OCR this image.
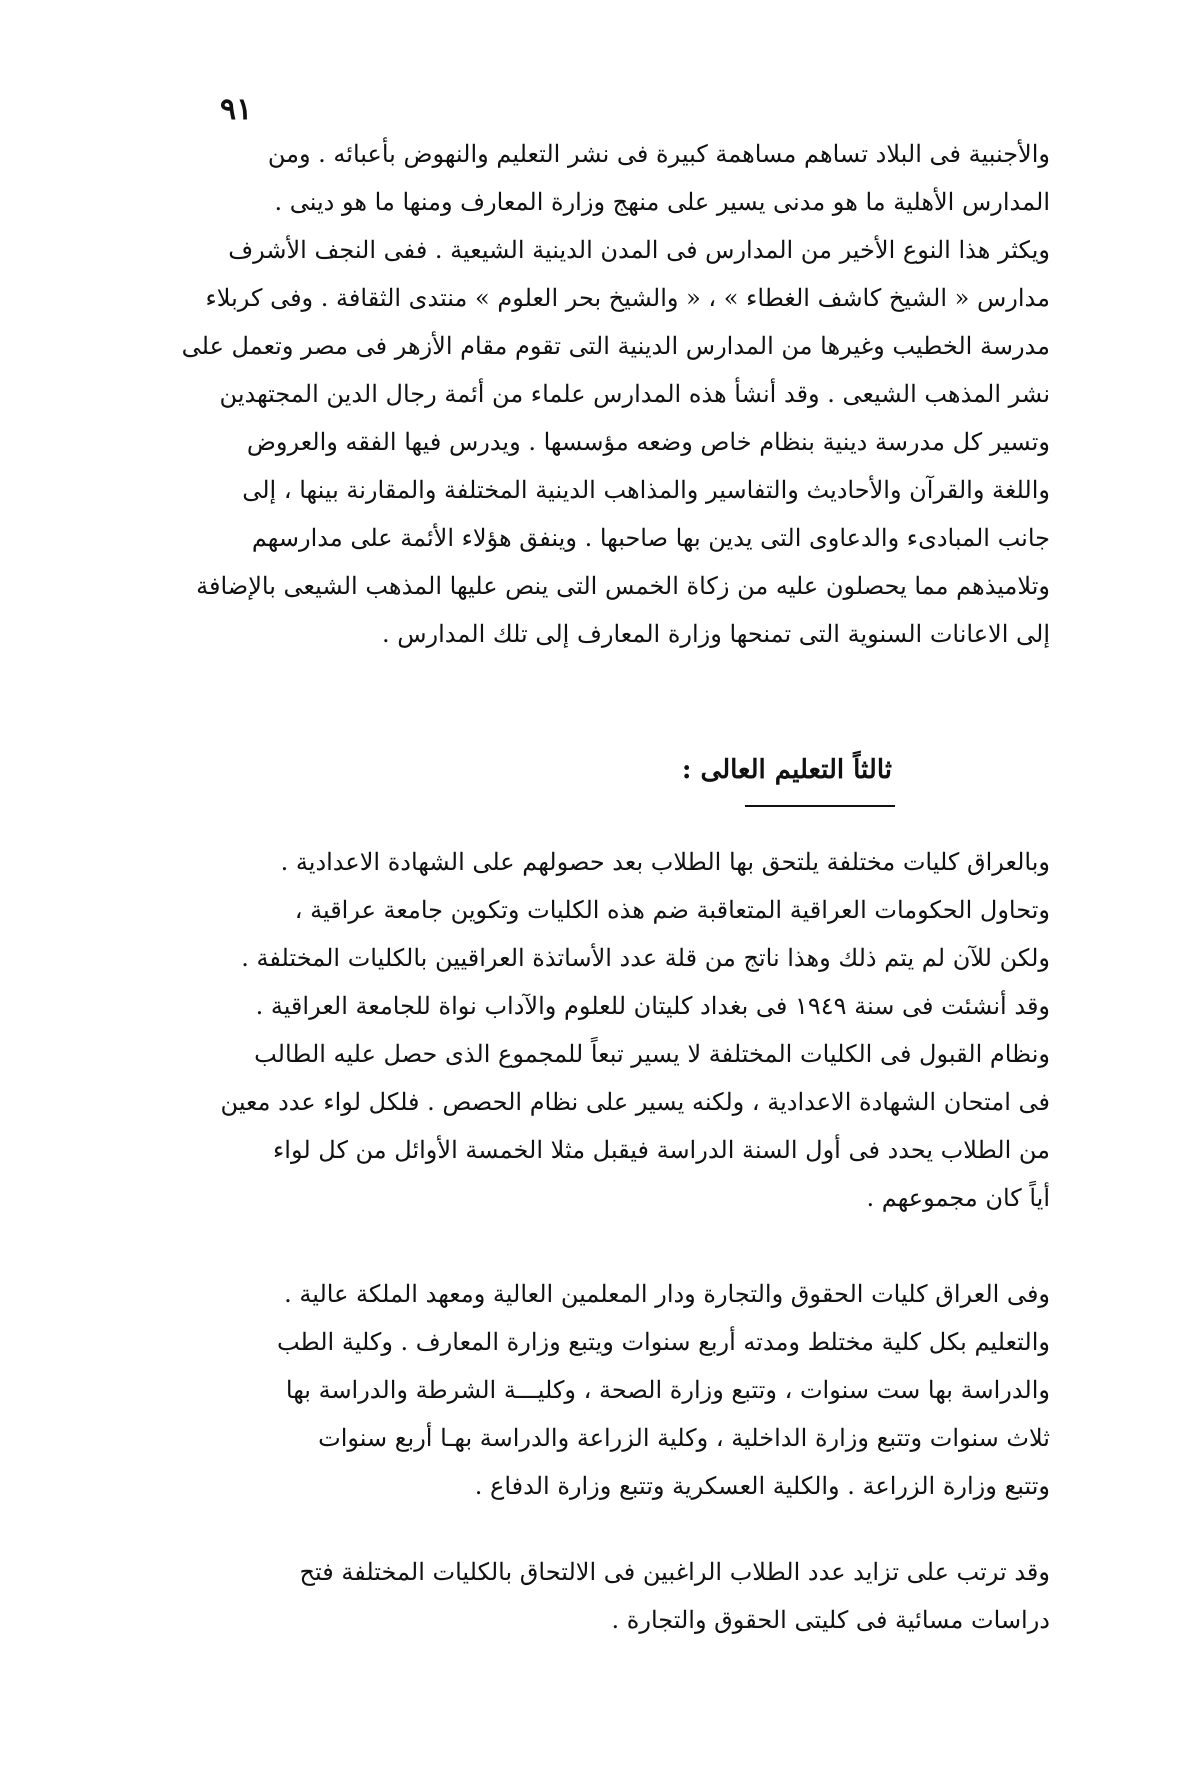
٩١
والأجنبية فى البلاد تساهم مساهمة كبيرة فى نشر التعليم والنهوض بأعبائه . ومن
المدارس الأهلية ما هو مدنى يسير على منهج وزارة المعارف ومنها ما هو دينى .
ويكثر هذا النوع الأخير من المدارس فى المدن الدينية الشيعية . ففى النجف الأشرف
مدارس « الشيخ كاشف الغطاء » ، « والشيخ بحر العلوم » منتدى الثقافة . وفى كربلاء
مدرسة الخطيب وغيرها من المدارس الدينية التى تقوم مقام الأزهر فى مصر وتعمل على
نشر المذهب الشيعى . وقد أنشأ هذه المدارس علماء من أئمة رجال الدين المجتهدين
وتسير كل مدرسة دينية بنظام خاص وضعه مؤسسها . ويدرس فيها الفقه والعروض
واللغة والقرآن والأحاديث والتفاسير والمذاهب الدينية المختلفة والمقارنة بينها ، إلى
جانب المبادىء والدعاوى التى يدين بها صاحبها . وينفق هؤلاء الأئمة على مدارسهم
وتلاميذهم مما يحصلون عليه من زكاة الخمس التى ينص عليها المذهب الشيعى بالإضافة
إلى الاعانات السنوية التى تمنحها وزارة المعارف إلى تلك المدارس .
ثالثاً التعليم العالى :
وبالعراق كليات مختلفة يلتحق بها الطلاب بعد حصولهم على الشهادة الاعدادية .
وتحاول الحكومات العراقية المتعاقبة ضم هذه الكليات وتكوين جامعة عراقية ،
ولكن للآن لم يتم ذلك وهذا ناتج من قلة عدد الأساتذة العراقيين بالكليات المختلفة .
وقد أنشئت فى سنة ١٩٤٩ فى بغداد كليتان للعلوم والآداب نواة للجامعة العراقية .
ونظام القبول فى الكليات المختلفة لا يسير تبعاً للمجموع الذى حصل عليه الطالب
فى امتحان الشهادة الاعدادية ، ولكنه يسير على نظام الحصص . فلكل لواء عدد معين
من الطلاب يحدد فى أول السنة الدراسة فيقبل مثلا الخمسة الأوائل من كل لواء
أياً كان مجموعهم .
وفى العراق كليات الحقوق والتجارة ودار المعلمين العالية ومعهد الملكة عالية .
والتعليم بكل كلية مختلط ومدته أربع سنوات ويتبع وزارة المعارف . وكلية الطب
والدراسة بها ست سنوات ، وتتبع وزارة الصحة ، وكليـــة الشرطة والدراسة بها
ثلاث سنوات وتتبع وزارة الداخلية ، وكلية الزراعة والدراسة بهـا أربع سنوات
وتتبع وزارة الزراعة . والكلية العسكرية وتتبع وزارة الدفاع .
وقد ترتب على تزايد عدد الطلاب الراغبين فى الالتحاق بالكليات المختلفة فتح
دراسات مسائية فى كليتى الحقوق والتجارة .
